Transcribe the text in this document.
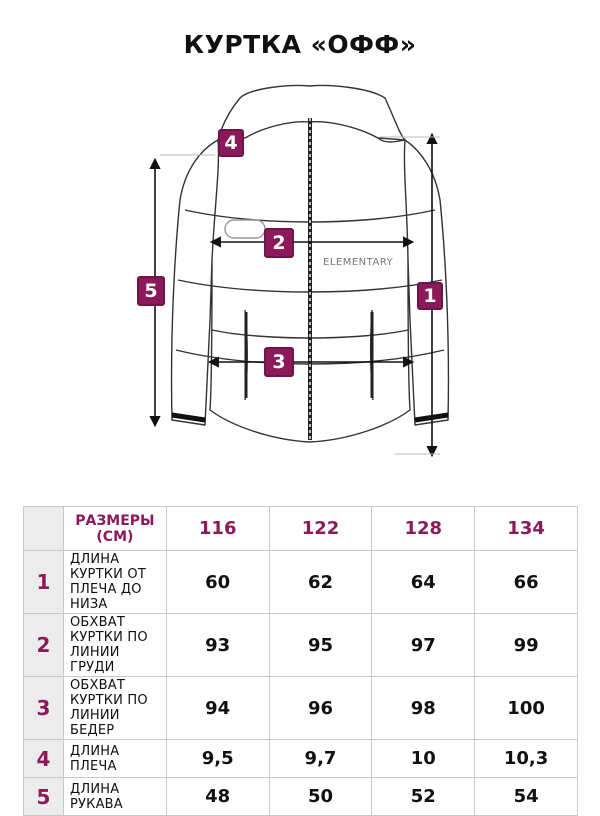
КУРТКА «ОФФ»
ELEMENTARY
1
2
3
4
5
	РАЗМЕРЫ (СМ)	116	122	128	134
1	ДЛИНА КУРТКИ ОТ ПЛЕЧА ДО НИЗА	60	62	64	66
2	ОБХВАТ КУРТКИ ПО ЛИНИИ ГРУДИ	93	95	97	99
3	ОБХВАТ КУРТКИ ПО ЛИНИИ БЕДЕР	94	96	98	100
4	ДЛИНА ПЛЕЧА	9,5	9,7	10	10,3
5	ДЛИНА РУКАВА	48	50	52	54
